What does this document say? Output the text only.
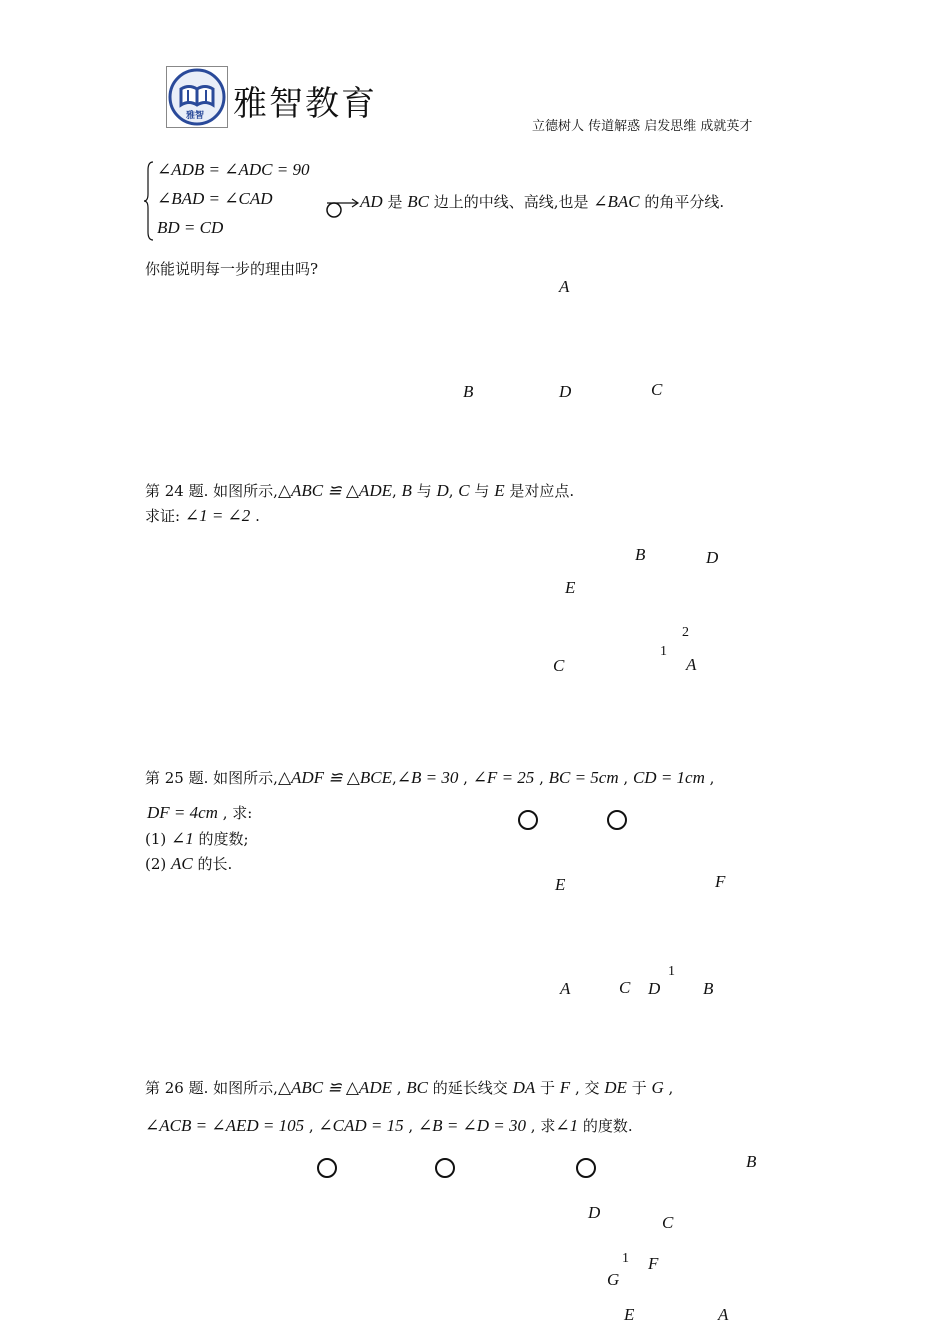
雅智 雅智教育
立德树人 传道解惑 启发思维 成就英才
∠ADB = ∠ADC = 90
∠BAD = ∠CAD
BD = CD
AD 是 BC 边上的中线、高线,也是 ∠BAC 的角平分线.
你能说明每一步的理由吗?
A
B	D	C
第 24 题. 如图所示,△ABC ≌ △ADE, B 与 D, C 与 E 是对应点.
求证: ∠1 = ∠2 .
B	D
E
2
1
C	A
第 25 题. 如图所示,△ADF ≌ △BCE,∠B = 30 , ∠F = 25 , BC = 5cm , CD = 1cm ,
DF = 4cm , 求:
(1) ∠1 的度数;
(2) AC 的长.
E	F
1
A	C D	B
第 26 题. 如图所示,△ABC ≌ △ADE , BC 的延长线交 DA 于 F , 交 DE 于 G ,
∠ACB = ∠AED = 105 , ∠CAD = 15 , ∠B = ∠D = 30 , 求∠1 的度数.
B
D
C
1 F
G
E	A
